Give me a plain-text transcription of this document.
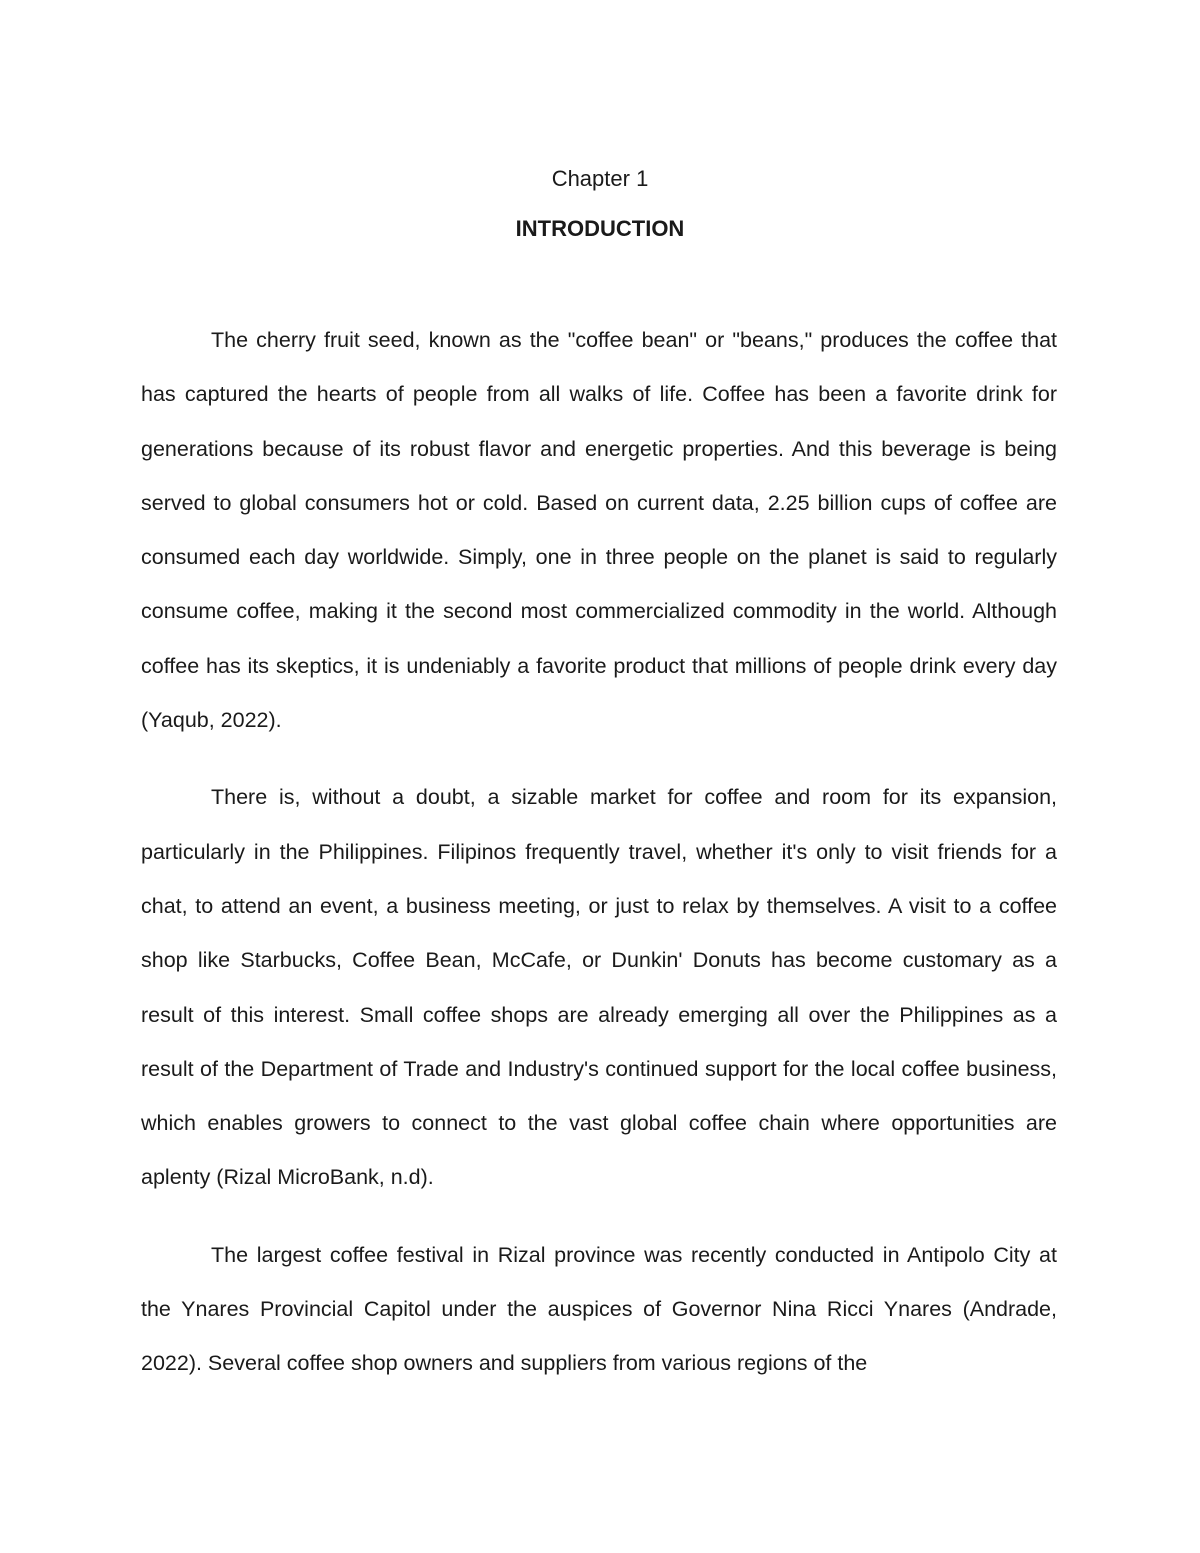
Chapter 1
INTRODUCTION

The cherry fruit seed, known as the "coffee bean" or "beans," produces the coffee that has captured the hearts of people from all walks of life. Coffee has been a favorite drink for generations because of its robust flavor and energetic properties. And this beverage is being served to global consumers hot or cold. Based on current data, 2.25 billion cups of coffee are consumed each day worldwide. Simply, one in three people on the planet is said to regularly consume coffee, making it the second most commercialized commodity in the world. Although coffee has its skeptics, it is undeniably a favorite product that millions of people drink every day (Yaqub, 2022).

There is, without a doubt, a sizable market for coffee and room for its expansion, particularly in the Philippines. Filipinos frequently travel, whether it's only to visit friends for a chat, to attend an event, a business meeting, or just to relax by themselves. A visit to a coffee shop like Starbucks, Coffee Bean, McCafe, or Dunkin' Donuts has become customary as a result of this interest. Small coffee shops are already emerging all over the Philippines as a result of the Department of Trade and Industry's continued support for the local coffee business, which enables growers to connect to the vast global coffee chain where opportunities are aplenty (Rizal MicroBank, n.d).

The largest coffee festival in Rizal province was recently conducted in Antipolo City at the Ynares Provincial Capitol under the auspices of Governor Nina Ricci Ynares (Andrade, 2022). Several coffee shop owners and suppliers from various regions of the
